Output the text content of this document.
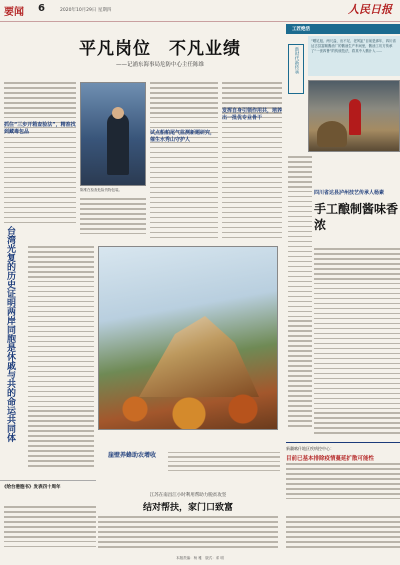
要闻 6	2020年10月29日 星期四	人民日报
平凡岗位　不凡业绩
——记浦东海事局危防中心主任陈维
抓住“三步开箱查验法”，精准找到藏毒包品
陈维在检查危险货物包装。
试点船舶尾气监测新题研究，催生水秀山守护人
发挥自身引领作用共，培养出一批优专业骨干
台湾光复的历史证明两岸同胞是休戚与共的命运共同体
崖壁养蜂助农增收
《给台港胞书》发表四十周年
江苏在南昌江小时利用帮助力脱贫攻坚
结对帮扶，家门口致富
工匠绝活
新时代新传承
“晒足旭、两尺盐、出不足、老风缸”目前是那年，四川省达古县富顺酱油厂的酱油生产车间里，酱油工坊方传承了“一世四鲁”的传统技法，将其中入酱汁入……
四川省达县泸州技艺传承人杨素
手工酿制酱味香浓
新疆喀什地区疾病控中心：
目前已基本排除疫情蔓延扩散可能性
本版责编：杨 雅　版式：邓 明
